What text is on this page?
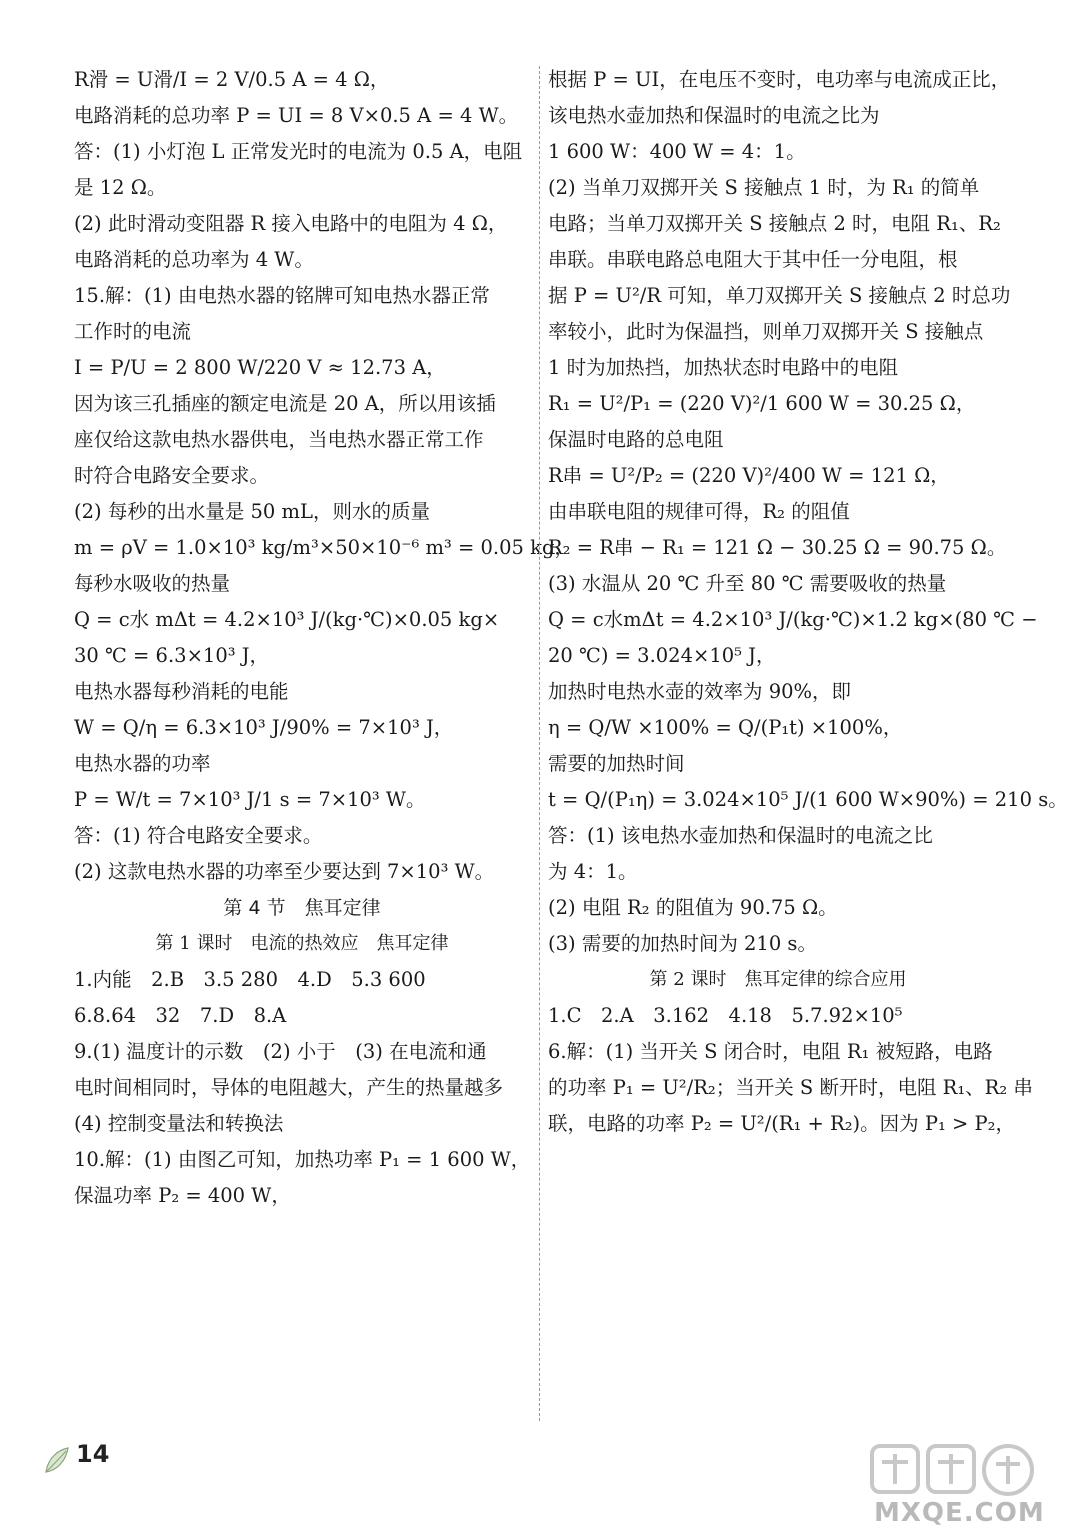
R滑 = U滑/I = 2 V/0.5 A = 4 Ω，
电路消耗的总功率 P = UI = 8 V×0.5 A = 4 W。
答：(1) 小灯泡 L 正常发光时的电流为 0.5 A，电阻
是 12 Ω。
(2) 此时滑动变阻器 R 接入电路中的电阻为 4 Ω，
电路消耗的总功率为 4 W。
15.解：(1) 由电热水器的铭牌可知电热水器正常
工作时的电流
I = P/U = 2 800 W/220 V ≈ 12.73 A，
因为该三孔插座的额定电流是 20 A，所以用该插
座仅给这款电热水器供电，当电热水器正常工作
时符合电路安全要求。
(2) 每秒的出水量是 50 mL，则水的质量
m = ρV = 1.0×10³ kg/m³×50×10⁻⁶ m³ = 0.05 kg，
每秒水吸收的热量
Q = c水 mΔt = 4.2×10³ J/(kg·℃)×0.05 kg×
30 ℃ = 6.3×10³ J，
电热水器每秒消耗的电能
W = Q/η = 6.3×10³ J/90% = 7×10³ J，
电热水器的功率
P = W/t = 7×10³ J/1 s = 7×10³ W。
答：(1) 符合电路安全要求。
(2) 这款电热水器的功率至少要达到 7×10³ W。
第 4 节　焦耳定律
第 1 课时　电流的热效应　焦耳定律
1.内能　2.B　3.5 280　4.D　5.3 600
6.8.64　32　7.D　8.A
9.(1) 温度计的示数　(2) 小于　(3) 在电流和通
电时间相同时，导体的电阻越大，产生的热量越多
(4) 控制变量法和转换法
10.解：(1) 由图乙可知，加热功率 P₁ = 1 600 W，
保温功率 P₂ = 400 W，
根据 P = UI，在电压不变时，电功率与电流成正比，
该电热水壶加热和保温时的电流之比为
1 600 W：400 W = 4：1。
(2) 当单刀双掷开关 S 接触点 1 时，为 R₁ 的简单
电路；当单刀双掷开关 S 接触点 2 时，电阻 R₁、R₂
串联。串联电路总电阻大于其中任一分电阻，根
据 P = U²/R 可知，单刀双掷开关 S 接触点 2 时总功
率较小，此时为保温挡，则单刀双掷开关 S 接触点
1 时为加热挡，加热状态时电路中的电阻
R₁ = U²/P₁ = (220 V)²/1 600 W = 30.25 Ω，
保温时电路的总电阻
R串 = U²/P₂ = (220 V)²/400 W = 121 Ω，
由串联电阻的规律可得，R₂ 的阻值
R₂ = R串 − R₁ = 121 Ω − 30.25 Ω = 90.75 Ω。
(3) 水温从 20 ℃ 升至 80 ℃ 需要吸收的热量
Q = c水mΔt = 4.2×10³ J/(kg·℃)×1.2 kg×(80 ℃ −
20 ℃) = 3.024×10⁵ J，
加热时电热水壶的效率为 90%，即
η = Q/W ×100% = Q/(P₁t) ×100%，
需要的加热时间
t = Q/(P₁η) = 3.024×10⁵ J/(1 600 W×90%) = 210 s。
答：(1) 该电热水壶加热和保温时的电流之比
为 4：1。
(2) 电阻 R₂ 的阻值为 90.75 Ω。
(3) 需要的加热时间为 210 s。
第 2 课时　焦耳定律的综合应用
1.C　2.A　3.162　4.18　5.7.92×10⁵
6.解：(1) 当开关 S 闭合时，电阻 R₁ 被短路，电路
的功率 P₁ = U²/R₂；当开关 S 断开时，电阻 R₁、R₂ 串
联，电路的功率 P₂ = U²/(R₁ + R₂)。因为 P₁ > P₂，
14
MXQE.COM
